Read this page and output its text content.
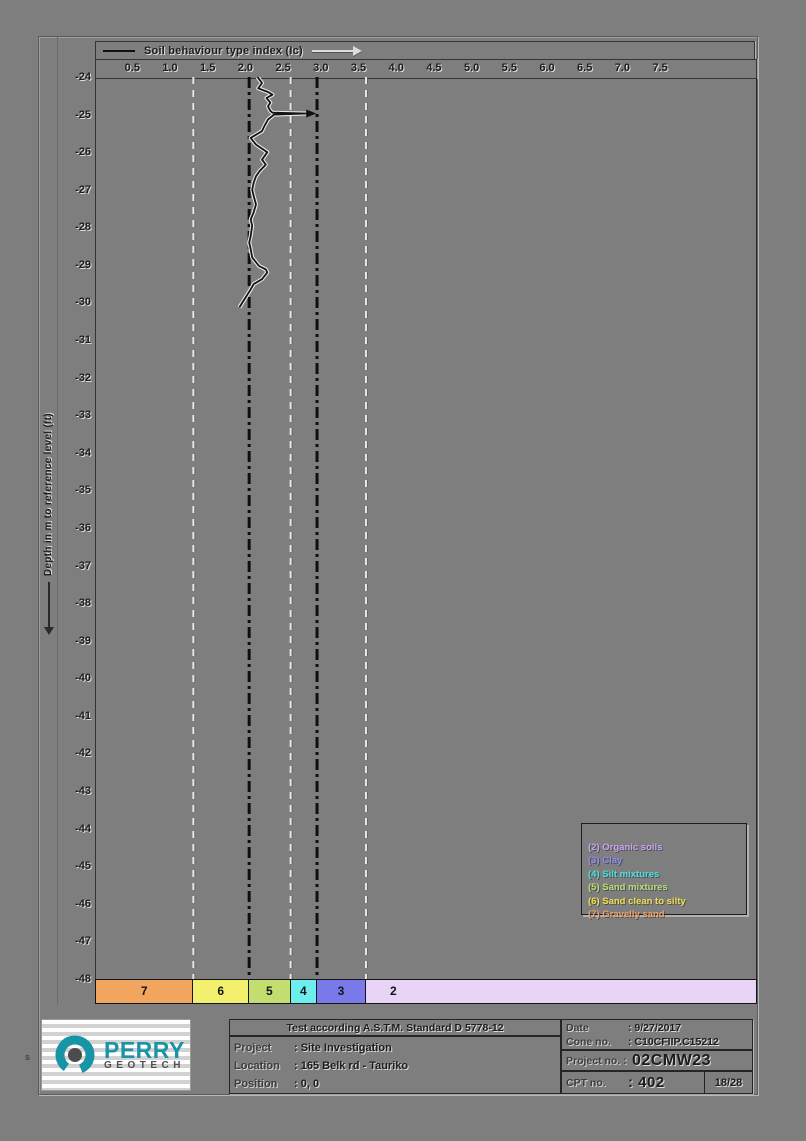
Depth in m to reference level (ft)
-24
-25
-26
-27
-28
-29
-30
-31
-32
-33
-34
-35
-36
-37
-38
-39
-40
-41
-42
-43
-44
-45
-46
-47
-48
Soil behaviour type index (Ic)
0.5	1.0	1.5	2.0	2.5	3.0	3.5	4.0	4.5	5.0	5.5	6.0	6.5	7.0	7.5
7	6	5	4	3	2
(2) Organic soils
(3) Clay
(4) Silt mixtures
(5) Sand mixtures
(6) Sand clean to silty
(7) Gravelly sand
PERRY
GEOTECH
Test according A.S.T.M. Standard D 5778-12
Project : Site Investigation
Location : 165 Belk rd - Tauriko
Position : 0, 0
Date	: 9/27/2017
Cone no. : C10CFIIP.C15212
Project no. : 02CMW23
CPT no.	: 402	18/28
s
